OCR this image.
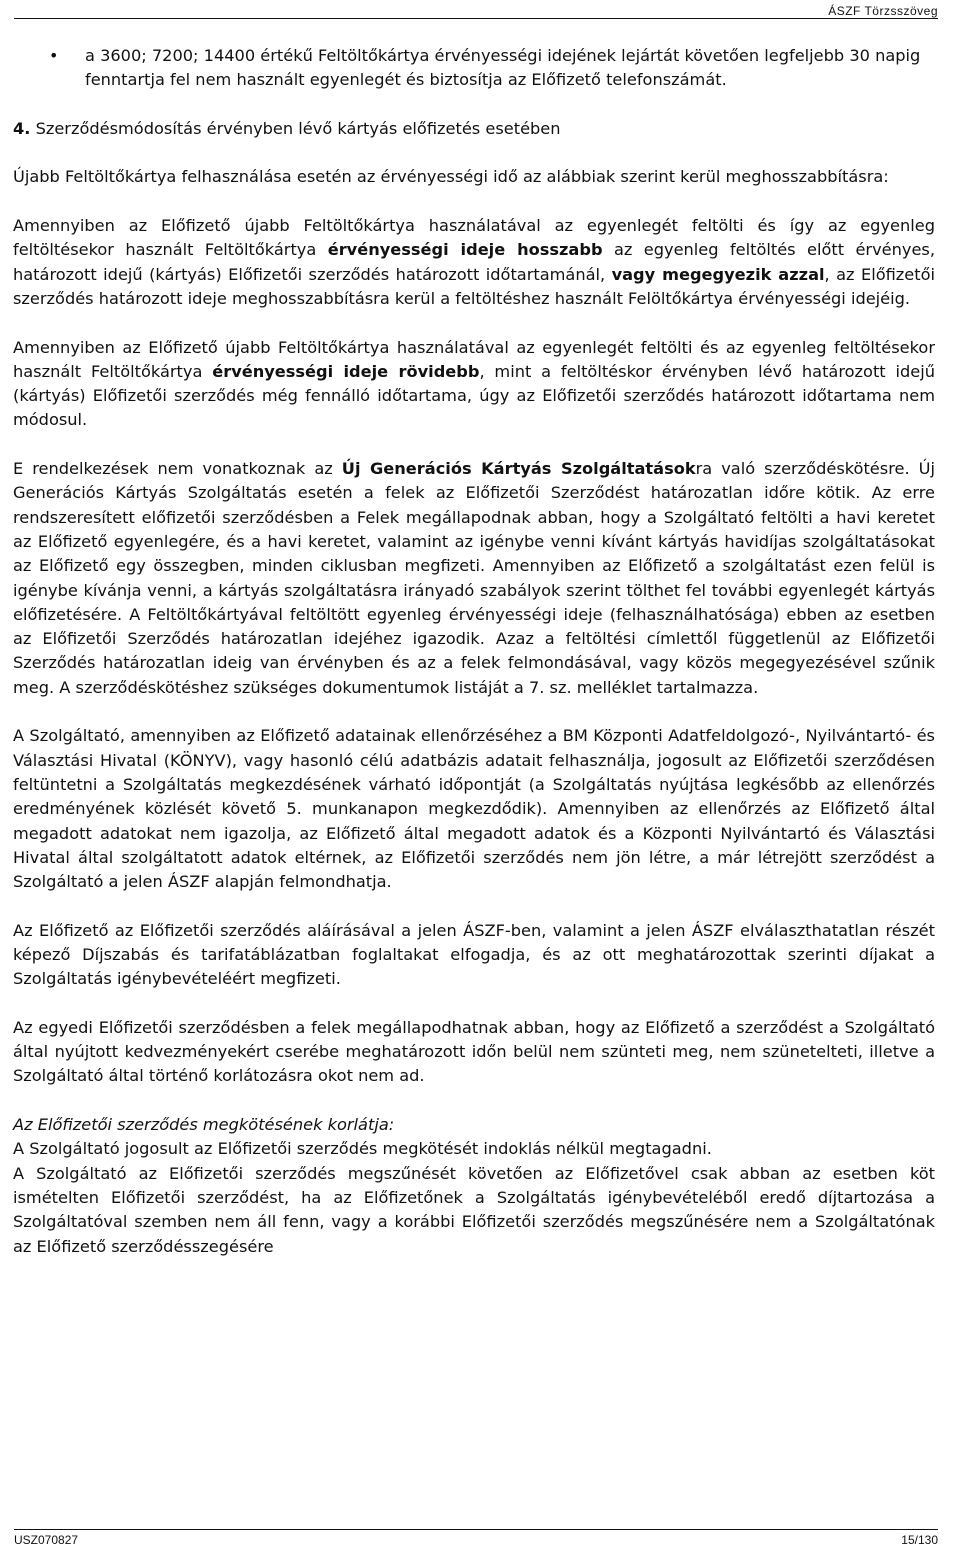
ÁSZF Törzsszöveg
• a 3600; 7200; 14400 értékű Feltöltőkártya érvényességi idejének lejártát követően legfeljebb 30 napig fenntartja fel nem használt egyenlegét és biztosítja az Előfizető telefonszámát.

4. Szerződésmódosítás érvényben lévő kártyás előfizetés esetében

Újabb Feltöltőkártya felhasználása esetén az érvényességi idő az alábbiak szerint kerül meghosszabbításra:

Amennyiben az Előfizető újabb Feltöltőkártya használatával az egyenlegét feltölti és így az egyenleg feltöltésekor használt Feltöltőkártya érvényességi ideje hosszabb az egyenleg feltöltés előtt érvényes, határozott idejű (kártyás) Előfizetői szerződés határozott időtartamánál, vagy megegyezik azzal, az Előfizetői szerződés határozott ideje meghosszabbításra kerül a feltöltéshez használt Felöltőkártya érvényességi idejéig.

Amennyiben az Előfizető újabb Feltöltőkártya használatával az egyenlegét feltölti és az egyenleg feltöltésekor használt Feltöltőkártya érvényességi ideje rövidebb, mint a feltöltéskor érvényben lévő határozott idejű (kártyás) Előfizetői szerződés még fennálló időtartama, úgy az Előfizetői szerződés határozott időtartama nem módosul.

E rendelkezések nem vonatkoznak az Új Generációs Kártyás Szolgáltatásokra való szerződéskötésre. Új Generációs Kártyás Szolgáltatás esetén a felek az Előfizetői Szerződést határozatlan időre kötik. Az erre rendszeresített előfizetői szerződésben a Felek megállapodnak abban, hogy a Szolgáltató feltölti a havi keretet az Előfizető egyenlegére, és a havi keretet, valamint az igénybe venni kívánt kártyás havidíjas szolgáltatásokat az Előfizető egy összegben, minden ciklusban megfizeti. Amennyiben az Előfizető a szolgáltatást ezen felül is igénybe kívánja venni, a kártyás szolgáltatásra irányadó szabályok szerint tölthet fel további egyenlegét kártyás előfizetésére. A Feltöltőkártyával feltöltött egyenleg érvényességi ideje (felhasználhatósága) ebben az esetben az Előfizetői Szerződés határozatlan idejéhez igazodik. Azaz a feltöltési címlettől függetlenül az Előfizetői Szerződés határozatlan ideig van érvényben és az a felek felmondásával, vagy közös megegyezésével szűnik meg. A szerződéskötéshez szükséges dokumentumok listáját a 7. sz. melléklet tartalmazza.

A Szolgáltató, amennyiben az Előfizető adatainak ellenőrzéséhez a BM Központi Adatfeldolgozó-, Nyilvántartó- és Választási Hivatal (KÖNYV), vagy hasonló célú adatbázis adatait felhasználja, jogosult az Előfizetői szerződésen feltüntetni a Szolgáltatás megkezdésének várható időpontját (a Szolgáltatás nyújtása legkésőbb az ellenőrzés eredményének közlését követő 5. munkanapon megkezdődik). Amennyiben az ellenőrzés az Előfizető által megadott adatokat nem igazolja, az Előfizető által megadott adatok és a Központi Nyilvántartó és Választási Hivatal által szolgáltatott adatok eltérnek, az Előfizetői szerződés nem jön létre, a már létrejött szerződést a Szolgáltató a jelen ÁSZF alapján felmondhatja.

Az Előfizető az Előfizetői szerződés aláírásával a jelen ÁSZF-ben, valamint a jelen ÁSZF elválaszthatatlan részét képező Díjszabás és tarifatáblázatban foglaltakat elfogadja, és az ott meghatározottak szerinti díjakat a Szolgáltatás igénybevételéért megfizeti.

Az egyedi Előfizetői szerződésben a felek megállapodhatnak abban, hogy az Előfizető a szerződést a Szolgáltató által nyújtott kedvezményekért cserébe meghatározott időn belül nem szünteti meg, nem szünetelteti, illetve a Szolgáltató által történő korlátozásra okot nem ad.

Az Előfizetői szerződés megkötésének korlátja:

A Szolgáltató jogosult az Előfizetői szerződés megkötését indoklás nélkül megtagadni.

A Szolgáltató az Előfizetői szerződés megszűnését követően az Előfizetővel csak abban az esetben köt ismételten Előfizetői szerződést, ha az Előfizetőnek a Szolgáltatás igénybevételéből eredő díjtartozása a Szolgáltatóval szemben nem áll fenn, vagy a korábbi Előfizetői szerződés megszűnésére nem a Szolgáltatónak az Előfizető szerződésszegésére

USZ070827	15/130
